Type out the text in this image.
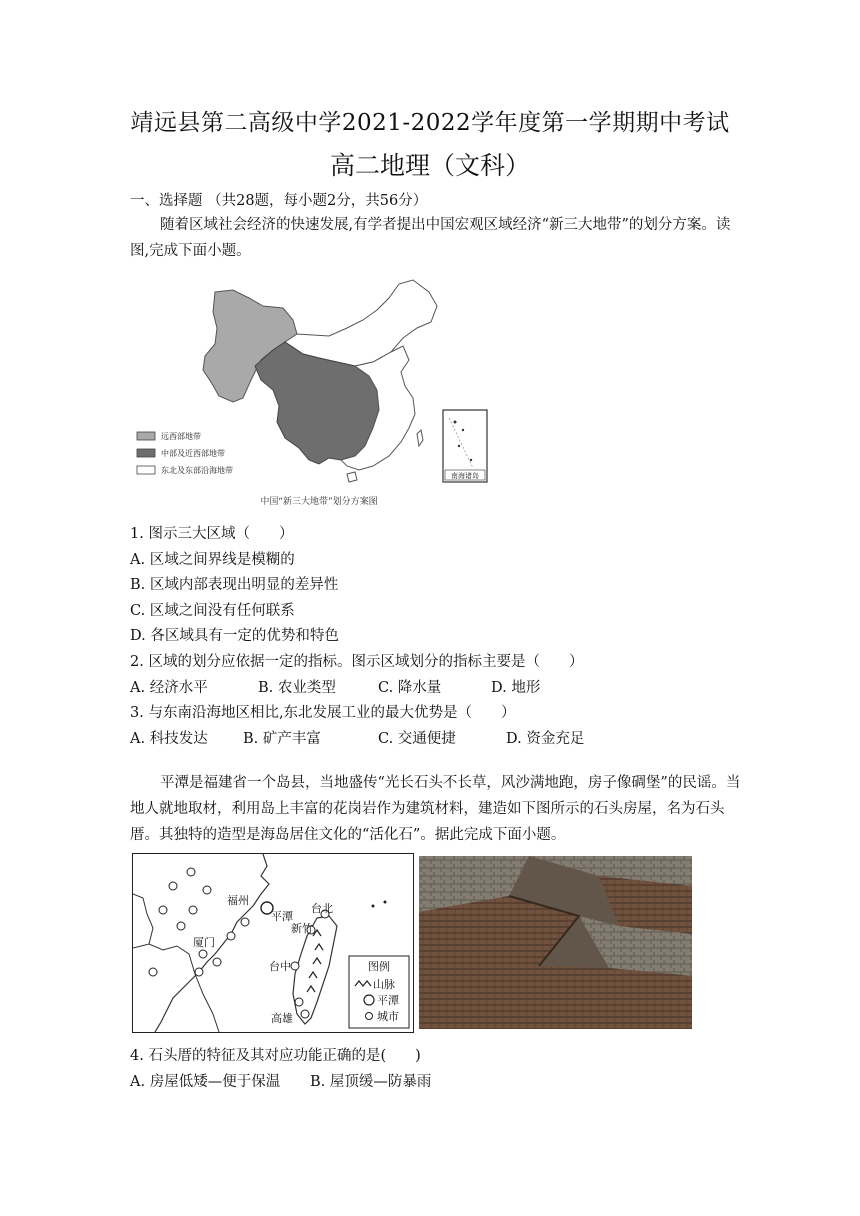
靖远县第二高级中学2021-2022学年度第一学期期中考试
高二地理（文科）
一、选择题 （共28题，每小题2分，共56分）
随着区域社会经济的快速发展,有学者提出中国宏观区域经济“新三大地带”的划分方案。读图,完成下面小题。
南海诸岛
远西部地带
中部及近西部地带
东北及东部沿海地带
中国“新三大地带”划分方案图
1. 图示三大区域（　　）
A. 区域之间界线是模糊的
B. 区域内部表现出明显的差异性
C. 区域之间没有任何联系
D. 各区域具有一定的优势和特色
2. 区域的划分应依据一定的指标。图示区域划分的指标主要是（　　）
A. 经济水平	B. 农业类型	C. 降水量	D. 地形
3. 与东南沿海地区相比,东北发展工业的最大优势是（　　）
A. 科技发达 B. 矿产丰富	C. 交通便捷	D. 资金充足
平潭是福建省一个岛县，当地盛传“光长石头不长草，风沙满地跑，房子像碉堡”的民谣。当地人就地取材，利用岛上丰富的花岗岩作为建筑材料，建造如下图所示的石头房屋，名为石头厝。其独特的造型是海岛居住文化的“活化石”。据此完成下面小题。
福州
平潭
台北
新竹
厦门
台中
高雄
图例
山脉
平潭
城市
4. 石头厝的特征及其对应功能正确的是(　　)
A. 房屋低矮—便于保温 B. 屋顶缓—防暴雨
